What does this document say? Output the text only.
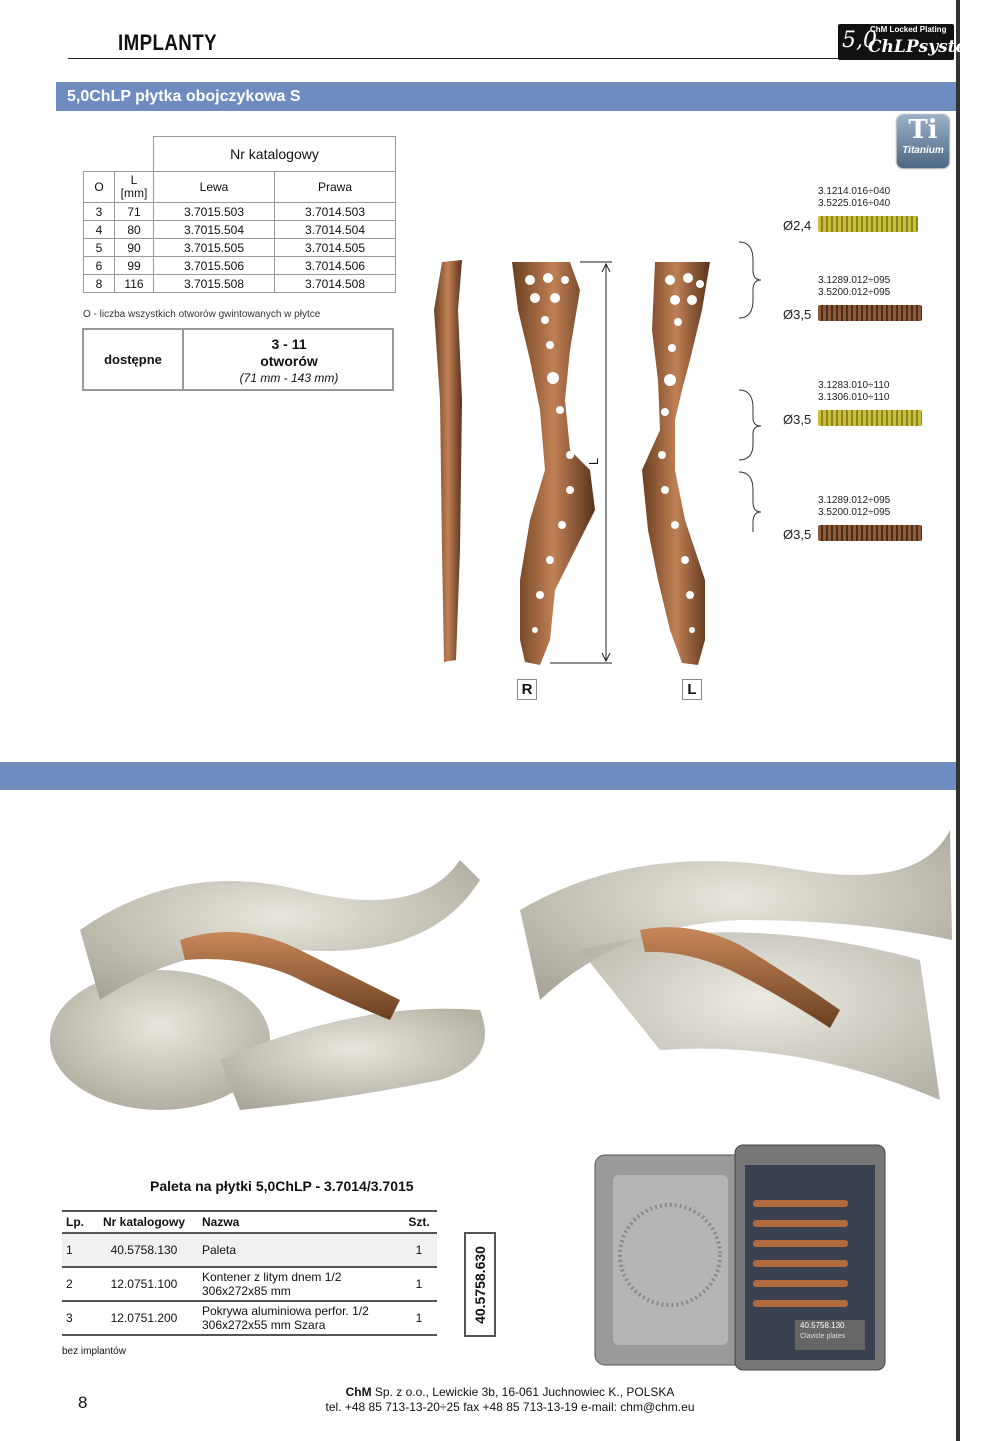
IMPLANTY
ChM Locked Plating
5,0
ChLPsystem
5,0ChLP płytka obojczykowa S
		Nr katalogowy	
O	L
[mm]	Lewa	Prawa
3	71	3.7015.503	3.7014.503
4	80	3.7015.504	3.7014.504
5	90	3.7015.505	3.7014.505
6	99	3.7015.506	3.7014.506
8	116	3.7015.508	3.7014.508
O - liczba wszystkich otworów gwintowanych w płytce
dostępne
3 - 11
otworów
(71 mm - 143 mm)
Ti
Titanium
L
R	L
3.1214.016÷040
3.5225.016÷040
Ø2,4
3.1289.012÷095
3.5200.012÷095
Ø3,5
3.1283.010÷110
3.1306.010÷110
Ø3,5
3.1289.012÷095
3.5200.012÷095
Ø3,5
Paleta na płytki 5,0ChLP - 3.7014/3.7015
Lp.	Nr katalogowy	Nazwa	Szt.
1	40.5758.130	Paleta	1
2	12.0751.100	Kontener z litym dnem 1/2
306x272x85 mm	1
3	12.0751.200	Pokrywa aluminiowa perfor. 1/2
306x272x55 mm Szara	1	40.5758.630
bez implantów
40.5758.130
Clavicle plates
8
ChM Sp. z o.o., Lewickie 3b, 16-061 Juchnowiec K., POLSKA
tel. +48 85 713-13-20÷25 fax +48 85 713-13-19 e-mail: chm@chm.eu
